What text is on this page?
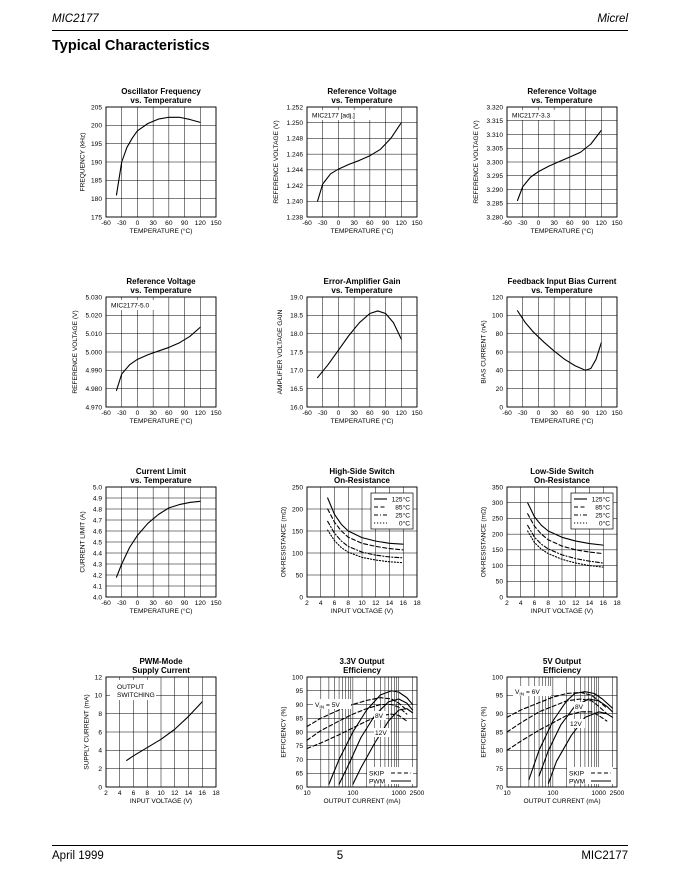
MIC2177	Micrel
Typical Characteristics
-60 -30 0 30 60 90 120 150
175
180
185
190
195
200
205
Oscillator Frequency
vs. Temperature
TEMPERATURE (°C)
FREQUENCY (kHz)
-60 -30 0 30 60 90 120 150
1.238
1.240
1.242
1.244
1.246
1.248
1.250
1.252
Reference Voltage
vs. Temperature
TEMPERATURE (°C)
REFERENCE VOLTAGE (V)
MIC2177 [adj.]
-60 -30 0 30 60 90 120 150
3.280
3.285
3.290
3.295
3.300
3.305
3.310
3.315
3.320
Reference Voltage
vs. Temperature
TEMPERATURE (°C)
REFERENCE VOLTAGE (V)
MIC2177-3.3
-60 -30 0 30 60 90 120 150
4.970
4.980
4.990
5.000
5.010
5.020
5.030
Reference Voltage
vs. Temperature
TEMPERATURE (°C)
REFERENCE VOLTAGE (V)
MIC2177-5.0
-60 -30 0 30 60 90 120 150
16.0
16.5
17.0
17.5
18.0
18.5
19.0
Error-Amplifier Gain
vs. Temperature
TEMPERATURE (°C)
AMPLIFIER VOLTAGE GAIN
-60 -30 0 30 60 90 120 150
0
20
40
60
80
100
120
Feedback Input Bias Current
vs. Temperature
TEMPERATURE (°C)
BIAS CURRENT (nA)
-60 -30 0 30 60 90 120 150
4.0
4.1
4.2
4.3
4.4
4.5
4.6
4.7
4.8
4.9
5.0
Current Limit
vs. Temperature
TEMPERATURE (°C)
CURRENT LIMIT (A)
2 4 6 8 10 12 14 16 18
0
50
100
150
200
250
High-Side Switch
On-Resistance
INPUT VOLTAGE (V)
ON-RESISTANCE (mΩ)
125°C
85°C
25°C
0°C
2 4 6 8 10 12 14 16 18
0
50
100
150
200
250
300
350
Low-Side Switch
On-Resistance
INPUT VOLTAGE (V)
ON-RESISTANCE (mΩ)
125°C
85°C
25°C
0°C
2 4 6 8 10 12 14 16 18
0
2
4
6
8
10
12
PWM-Mode
Supply Current
INPUT VOLTAGE (V)
SUPPLY CURRENT (mA)
OUTPUT
SWITCHING
10	100	1000 2500
60
65
70
75
80
85
90
95
100
3.3V Output
Efficiency
OUTPUT CURRENT (mA)
EFFICIENCY (%)
SKIP
PWM
$V_{IN} = 5V$
8V
12V
10	100	1000 2500
70
75
80
85
90
95
100
5V Output
Efficiency
OUTPUT CURRENT (mA)
EFFICIENCY (%)
SKIP
PWM
$V_{IN} = 6V$
8V
12V
April 1999	5	MIC2177
